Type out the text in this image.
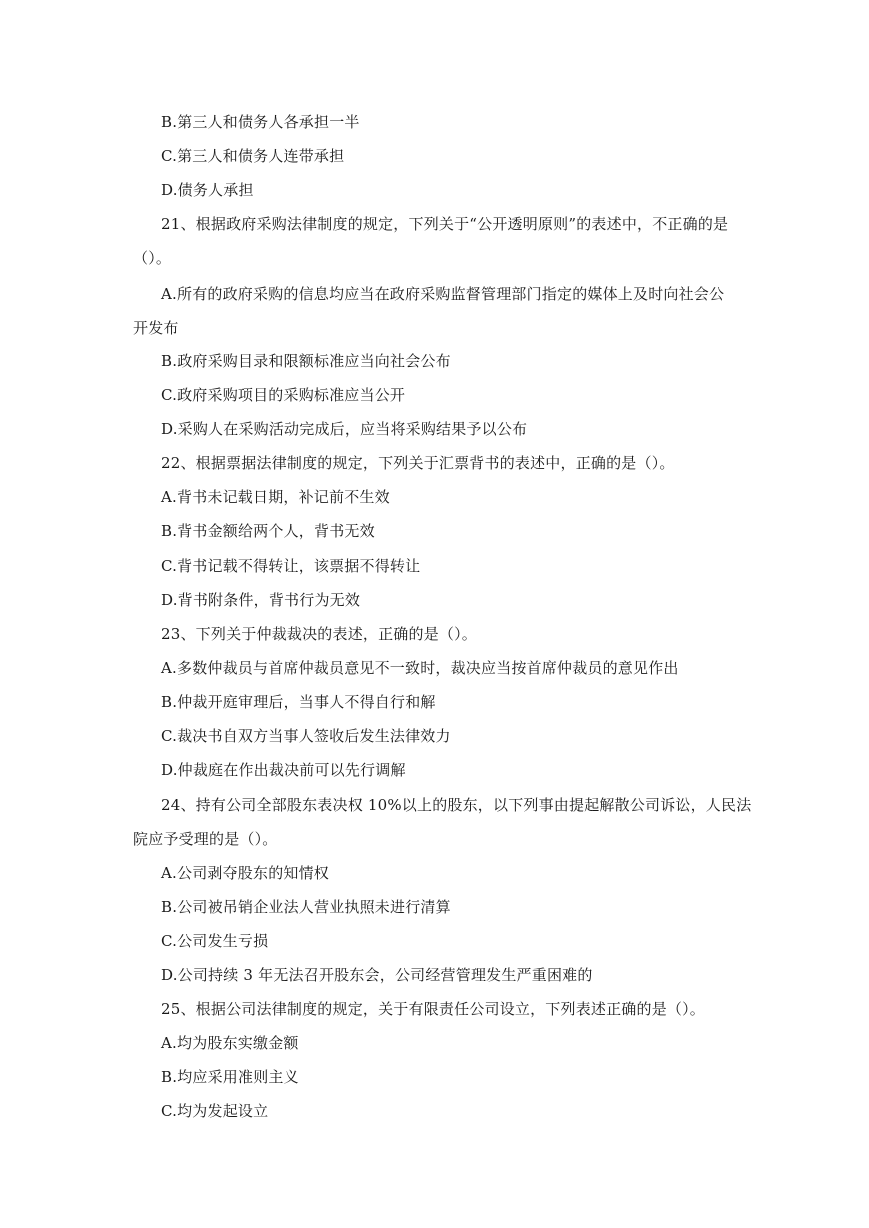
B.第三人和债务人各承担一半
C.第三人和债务人连带承担
D.债务人承担
21、根据政府采购法律制度的规定，下列关于“公开透明原则”的表述中，不正确的是
（）。
A.所有的政府采购的信息均应当在政府采购监督管理部门指定的媒体上及时向社会公
开发布
B.政府采购目录和限额标准应当向社会公布
C.政府采购项目的采购标准应当公开
D.采购人在采购活动完成后，应当将采购结果予以公布
22、根据票据法律制度的规定，下列关于汇票背书的表述中，正确的是（）。
A.背书未记载日期，补记前不生效
B.背书金额给两个人，背书无效
C.背书记载不得转让，该票据不得转让
D.背书附条件，背书行为无效
23、下列关于仲裁裁决的表述，正确的是（）。
A.多数仲裁员与首席仲裁员意见不一致时，裁决应当按首席仲裁员的意见作出
B.仲裁开庭审理后，当事人不得自行和解
C.裁决书自双方当事人签收后发生法律效力
D.仲裁庭在作出裁决前可以先行调解
24、持有公司全部股东表决权 10%以上的股东，以下列事由提起解散公司诉讼，人民法
院应予受理的是（）。
A.公司剥夺股东的知情权
B.公司被吊销企业法人营业执照未进行清算
C.公司发生亏损
D.公司持续 3 年无法召开股东会，公司经营管理发生严重困难的
25、根据公司法律制度的规定，关于有限责任公司设立，下列表述正确的是（）。
A.均为股东实缴金额
B.均应采用准则主义
C.均为发起设立
